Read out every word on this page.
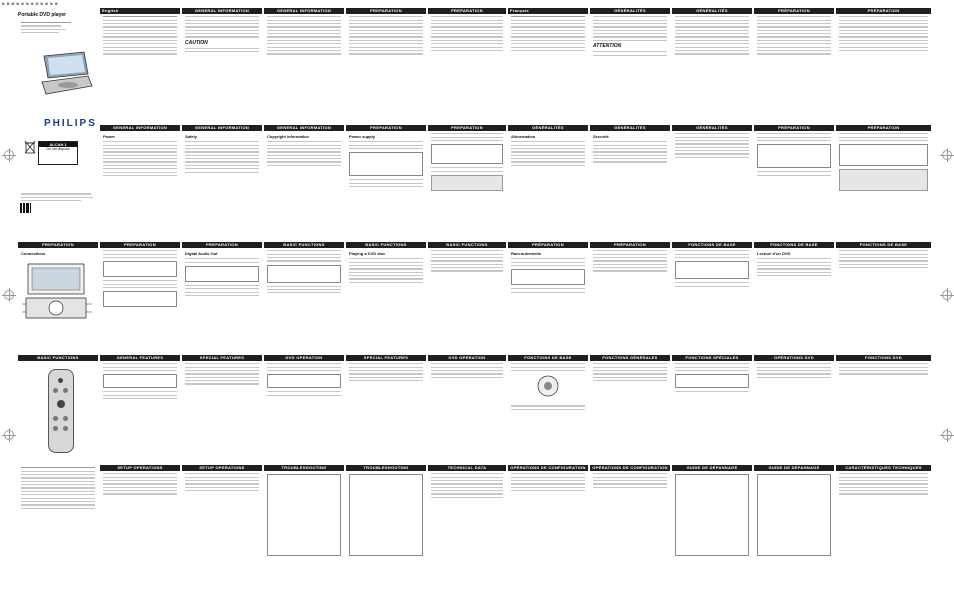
■ ■ ■ ■ ■ ■ ■ ■ ■ ■ ■ ■
Portable DVD player
PHILIPS
ALCAN 1
Do not dispose
English	GENERAL INFORMATION
CAUTION
GENERAL INFORMATION	PREPARATION	PREPARATION	Français	GÉNÉRALITÉS
ATTENTION
GÉNÉRALITÉS	PRÉPARATION	PRÉPARATION
GENERAL INFORMATION
Power
GENERAL INFORMATION
Safety
GENERAL INFORMATION
Copyright information
PREPARATION
Power supply
PREPARATION	GÉNÉRALITÉS
Alimentation
GÉNÉRALITÉS
Sécurité
GÉNÉRALITÉS	PRÉPARATION	PRÉPARATION
PREPARATION
Connections
PREPARATION	PREPARATION
Digital Audio Out
BASIC FUNCTIONS	BASIC FUNCTIONS
Playing a DVD disc
BASIC FUNCTIONS	PRÉPARATION
Raccordements
PRÉPARATION	FONCTIONS DE BASE	FONCTIONS DE BASE
Lecture d'un DVD
FONCTIONS DE BASE
BASIC FUNCTIONS	GENERAL FEATURES	SPECIAL FEATURES	DVD OPERATION	SPECIAL FEATURES	DVD OPERATION	FONCTIONS DE BASE	FONCTIONS GÉNÉRALES	FONCTIONS SPÉCIALES	OPÉRATIONS DVD	FONCTIONS DVD
SETUP OPERATIONS	SETUP OPERATIONS	TROUBLESHOOTING	TROUBLESHOOTING	TECHNICAL DATA	OPÉRATIONS DE CONFIGURATION	OPÉRATIONS DE CONFIGURATION	GUIDE DE DÉPANNAGE	GUIDE DE DÉPANNAGE	CARACTÉRISTIQUES TECHNIQUES
